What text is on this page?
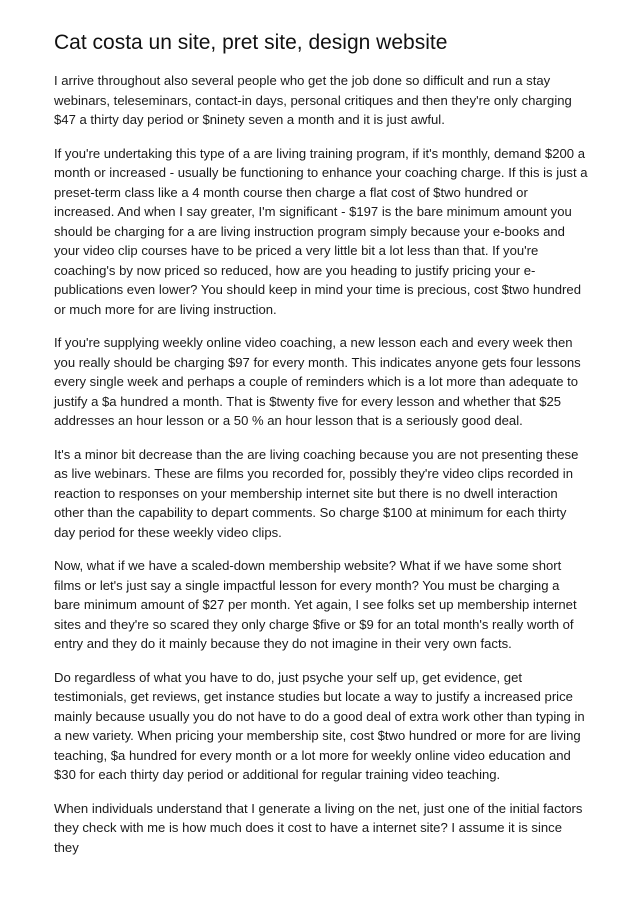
Cat costa un site, pret site, design website

I arrive throughout also several people who get the job done so difficult and run a stay webinars, teleseminars, contact-in days, personal critiques and then they're only charging $47 a thirty day period or $ninety seven a month and it is just awful.

If you're undertaking this type of a are living training program, if it's monthly, demand $200 a month or increased - usually be functioning to enhance your coaching charge. If this is just a preset-term class like a 4 month course then charge a flat cost of $two hundred or increased. And when I say greater, I'm significant - $197 is the bare minimum amount you should be charging for a are living instruction program simply because your e-books and your video clip courses have to be priced a very little bit a lot less than that. If you're coaching's by now priced so reduced, how are you heading to justify pricing your e-publications even lower? You should keep in mind your time is precious, cost $two hundred or much more for are living instruction.

If you're supplying weekly online video coaching, a new lesson each and every week then you really should be charging $97 for every month. This indicates anyone gets four lessons every single week and perhaps a couple of reminders which is a lot more than adequate to justify a $a hundred a month. That is $twenty five for every lesson and whether that $25 addresses an hour lesson or a 50 % an hour lesson that is a seriously good deal.

It's a minor bit decrease than the are living coaching because you are not presenting these as live webinars. These are films you recorded for, possibly they're video clips recorded in reaction to responses on your membership internet site but there is no dwell interaction other than the capability to depart comments. So charge $100 at minimum for each thirty day period for these weekly video clips.

Now, what if we have a scaled-down membership website? What if we have some short films or let's just say a single impactful lesson for every month? You must be charging a bare minimum amount of $27 per month. Yet again, I see folks set up membership internet sites and they're so scared they only charge $five or $9 for an total month's really worth of entry and they do it mainly because they do not imagine in their very own facts.

Do regardless of what you have to do, just psyche your self up, get evidence, get testimonials, get reviews, get instance studies but locate a way to justify a increased price mainly because usually you do not have to do a good deal of extra work other than typing in a new variety. When pricing your membership site, cost $two hundred or more for are living teaching, $a hundred for every month or a lot more for weekly online video education and $30 for each thirty day period or additional for regular training video teaching.

When individuals understand that I generate a living on the net, just one of the initial factors they check with me is how much does it cost to have a internet site? I assume it is since they
